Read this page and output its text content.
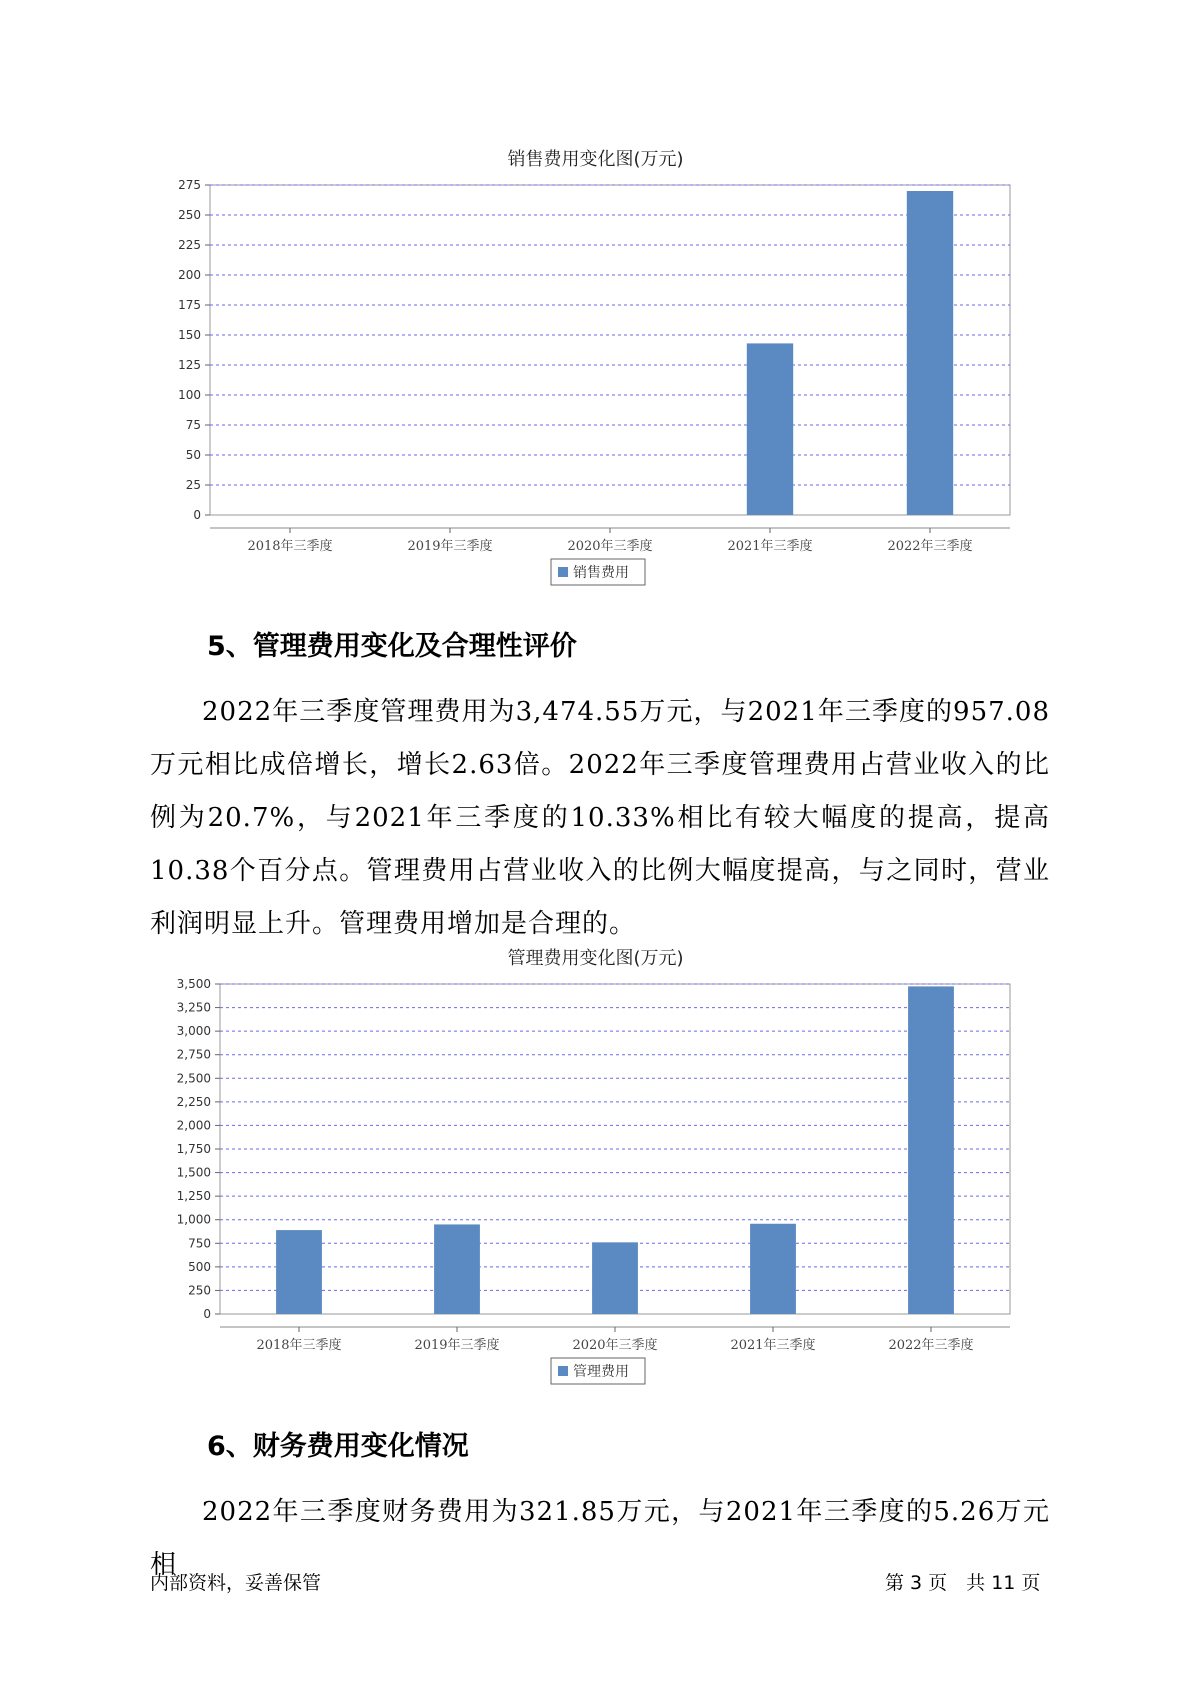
销售费用变化图(万元)
0
25
50
75
100
125
150
175
200
225
250
275
2018年三季度	2019年三季度	2020年三季度	2021年三季度	2022年三季度
销售费用
5、管理费用变化及合理性评价
2022年三季度管理费用为3,474.55万元，与2021年三季度的957.08万元相比成倍增长，增长2.63倍。2022年三季度管理费用占营业收入的比例为20.7%，与2021年三季度的10.33%相比有较大幅度的提高，提高10.38个百分点。管理费用占营业收入的比例大幅度提高，与之同时，营业利润明显上升。管理费用增加是合理的。
管理费用变化图(万元)
0
250
500
750
1,000
1,250
1,500
1,750
2,000
2,250
2,500
2,750
3,000
3,250
3,500
2018年三季度	2019年三季度	2020年三季度	2021年三季度	2022年三季度
管理费用
6、财务费用变化情况
2022年三季度财务费用为321.85万元，与2021年三季度的5.26万元相
内部资料，妥善保管	第 3 页　共 11 页
